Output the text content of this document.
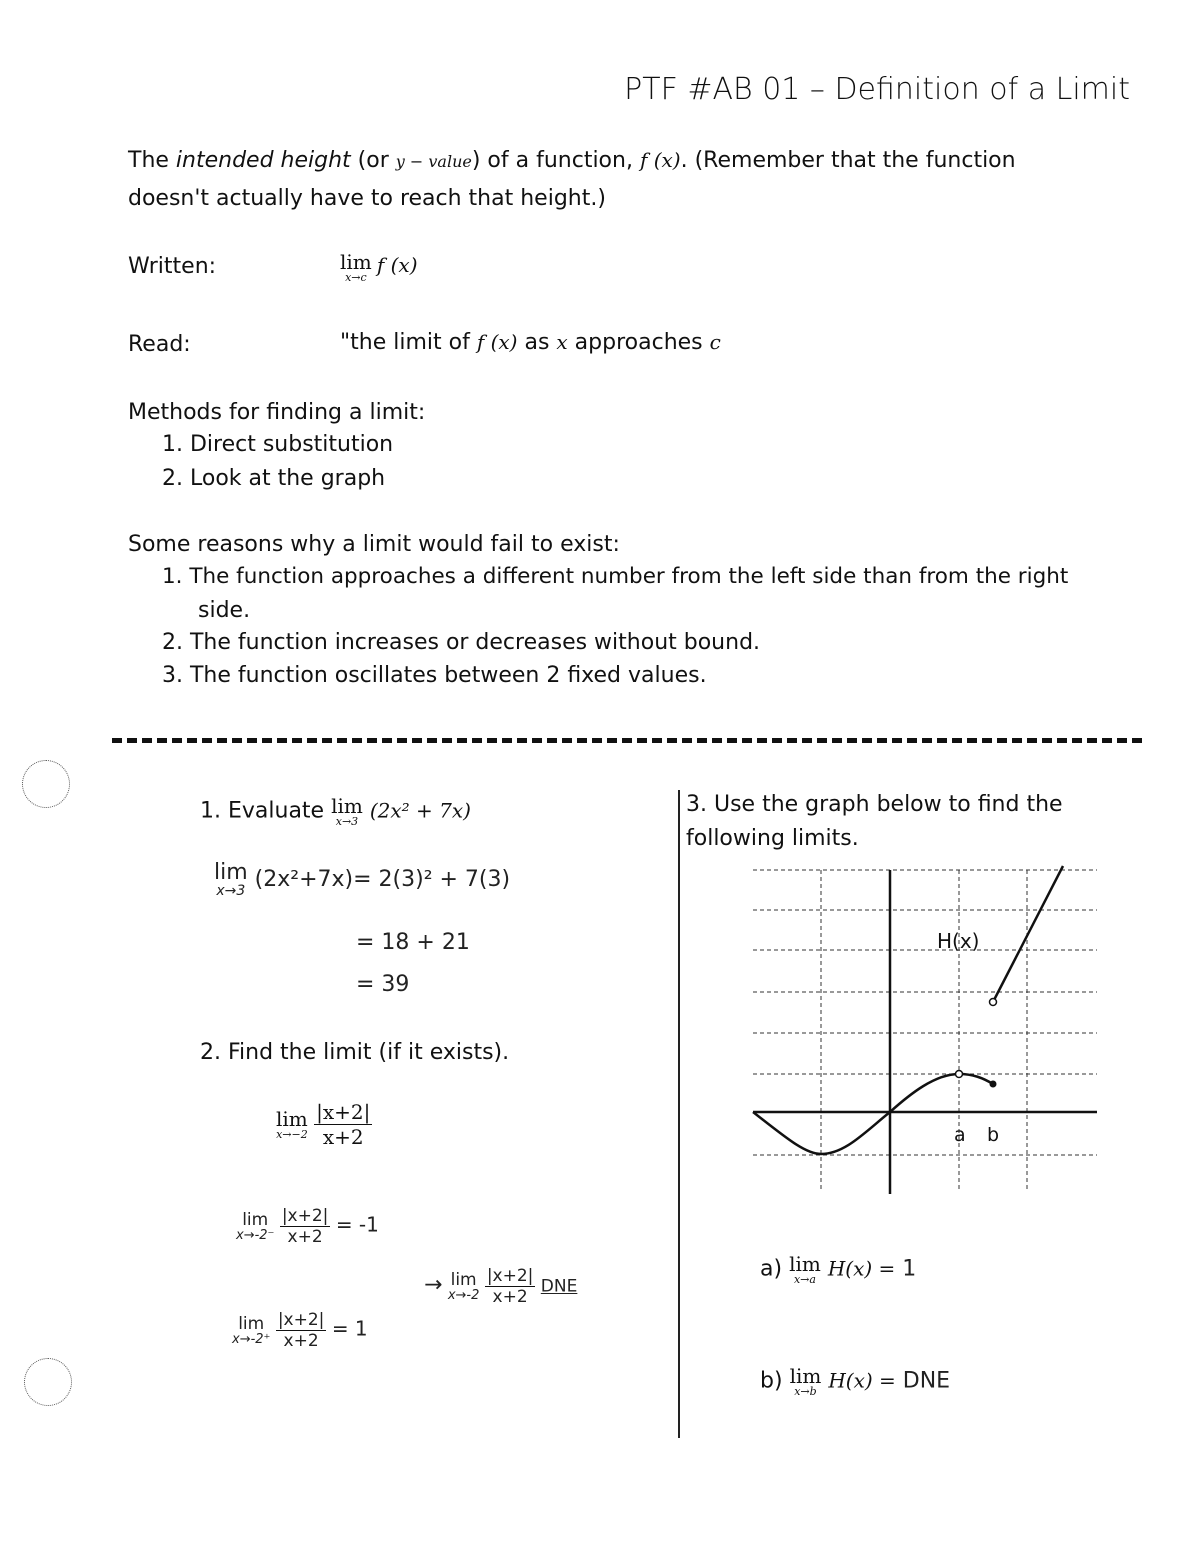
PTF #AB 01 – Definition of a Limit
The intended height (or y − value) of a function, f (x). (Remember that the function
doesn't actually have to reach that height.)
Written:	lim
x→c
f (x)
Read:	"the limit of f (x) as x approaches c
Methods for finding a limit:
1. Direct substitution
2. Look at the graph
Some reasons why a limit would fail to exist:
1. The function approaches a different number from the left side than from the right
side.
2. The function increases or decreases without bound.
3. The function oscillates between 2 fixed values.
1. Evaluate lim
x→3 (2x² + 7x)
lim
x→3 (2x²+7x)= 2(3)² + 7(3)
= 18 + 21
= 39
2. Find the limit (if it exists).
lim
x→−2
$\frac{|x+2|}{x+2}$
lim
x→-2⁻
$\frac{|x+2|}{x+2} = -1$
→ lim
x→-2
$\frac{|x+2|}{x+2}$ DNE
lim
x→-2⁺
$\frac{|x+2|}{x+2} = 1$
3. Use the graph below to find the
following limits.
H(x)
a b
a) lim
x→a H(x) = 1
b) lim
x→b H(x) = DNE
